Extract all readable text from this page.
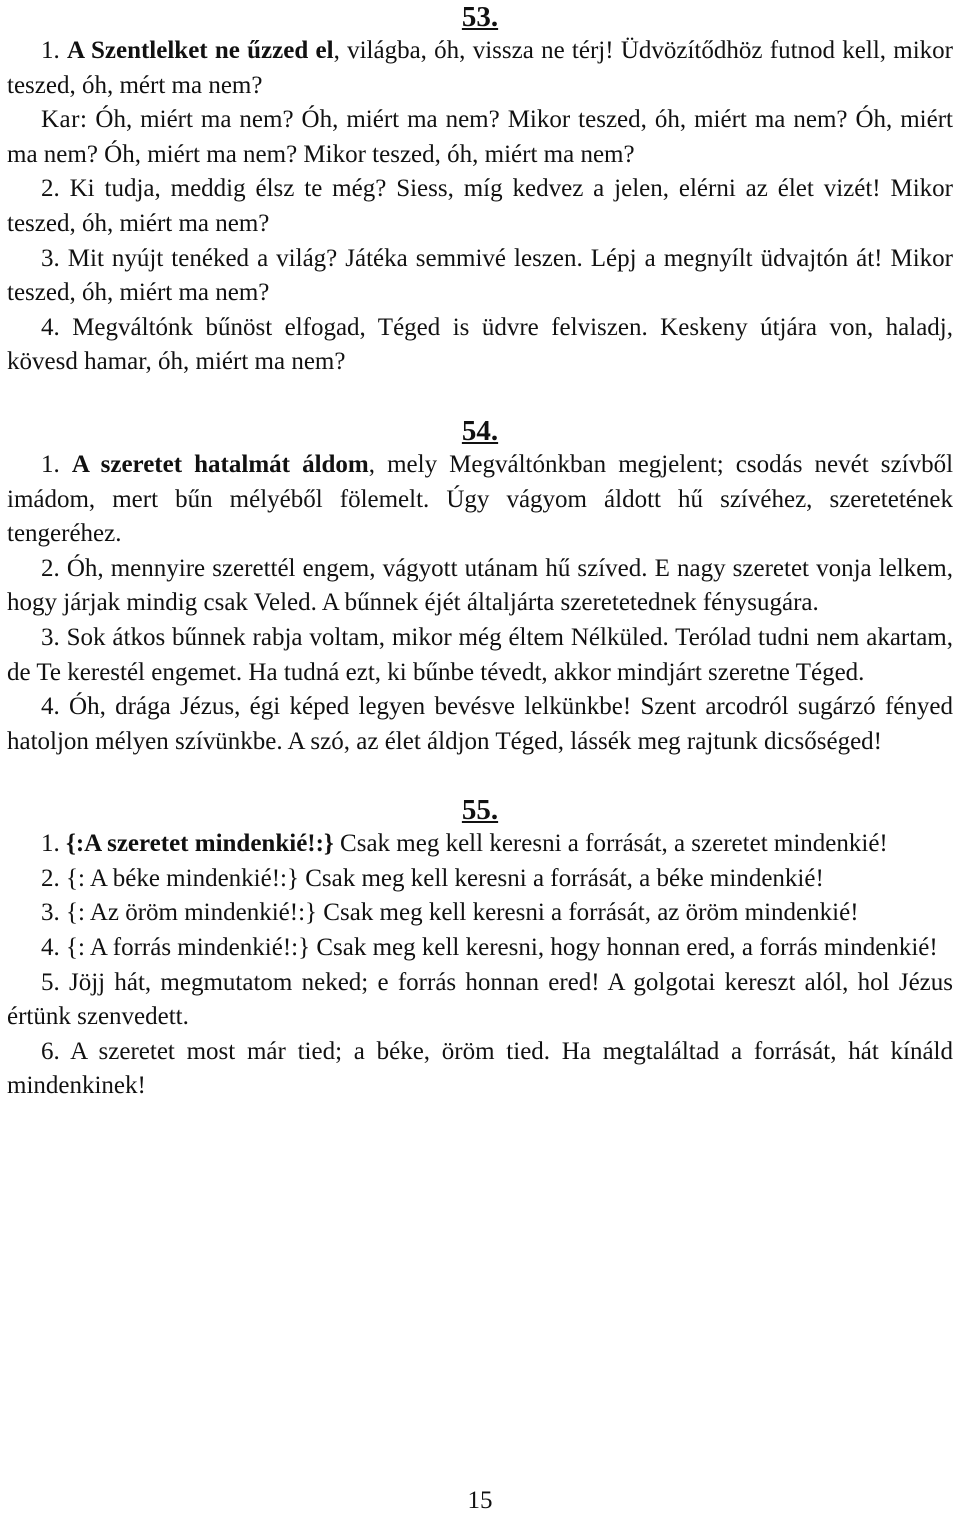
53.

1. A Szentlelket ne űzzed el, világba, óh, vissza ne térj! Üdvözítődhöz futnod kell, mikor teszed, óh, mért ma nem?

Kar: Óh, miért ma nem? Óh, miért ma nem? Mikor teszed, óh, miért ma nem? Óh, miért ma nem? Óh, miért ma nem? Mikor teszed, óh, miért ma nem?

2. Ki tudja, meddig élsz te még? Siess, míg kedvez a jelen, elérni az élet vizét! Mikor teszed, óh, miért ma nem?

3. Mit nyújt tenéked a világ? Játéka semmivé leszen. Lépj a megnyílt üdvajtón át! Mikor teszed, óh, miért ma nem?

4. Megváltónk bűnöst elfogad, Téged is üdvre felviszen. Keskeny útjára von, haladj, kövesd hamar, óh, miért ma nem?

54.

1. A szeretet hatalmát áldom, mely Megváltónkban megjelent; csodás nevét szívből imádom, mert bűn mélyéből fölemelt. Úgy vágyom áldott hű szívéhez, szeretetének tengeréhez.

2. Óh, mennyire szerettél engem, vágyott utánam hű szíved. E nagy szeretet vonja lelkem, hogy járjak mindig csak Veled. A bűnnek éjét általjárta szeretetednek fénysugára.

3. Sok átkos bűnnek rabja voltam, mikor még éltem Nélküled. Terólad tudni nem akartam, de Te kerestél engemet. Ha tudná ezt, ki bűnbe tévedt, akkor mindjárt szeretne Téged.

4. Óh, drága Jézus, égi képed legyen bevésve lelkünkbe! Szent arcodról sugárzó fényed hatoljon mélyen szívünkbe. A szó, az élet áldjon Téged, lássék meg rajtunk dicsőséged!

55.

1. {:A szeretet mindenkié!:} Csak meg kell keresni a forrását, a szeretet mindenkié!

2. {: A béke mindenkié!:} Csak meg kell keresni a forrását, a béke mindenkié!

3. {: Az öröm mindenkié!:} Csak meg kell keresni a forrását, az öröm mindenkié!

4. {: A forrás mindenkié!:} Csak meg kell keresni, hogy honnan ered, a forrás mindenkié!

5. Jöjj hát, megmutatom neked; e forrás honnan ered! A golgotai kereszt alól, hol Jézus értünk szenvedett.

6. A szeretet most már tied; a béke, öröm tied. Ha megtaláltad a forrását, hát kínáld mindenkinek!

15
